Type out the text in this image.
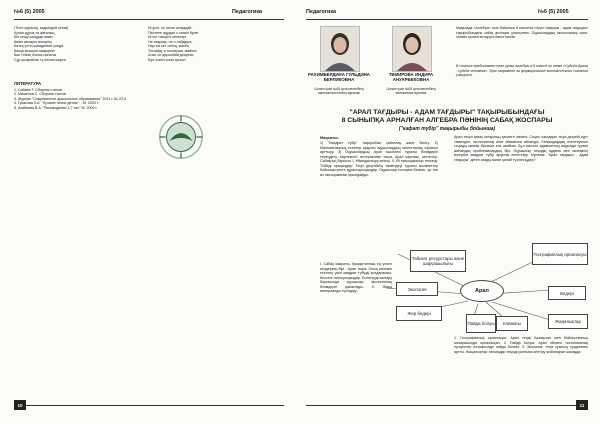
№6 (5) 2005	Педагогика
(Тілге қарасаң, кәдімгідей сенім)
Кұнан құрық та жағалың,
Біл кешу шыңдар аман,
Аман ағызқол өлеңінің
Бөтеқ үстін шамдалған қолда
Басқа ысысын шақырып
Бас тілінің болса сыналы
Сұр шықпайлы ту кесем жырға
Иі ұсіл, ол халге келуадай
Пісілене жұрдан с канал бунеі
Иі іне тасыртт келетері
Не шаужар, не о сабдауга,
Нар есі кет сеінің, жакба,
Тоспайд, я тоспауша, майнез
Алас ол дарсыбай деареісі,
Бұл оскен соны қызыл
ЛИТЕРАТУРА
1. Сабаев Т. Сборник стихов
2. Мишелов С. Сборник стихов
3. Журнал "Современное дошкольное образование" 2011 г. № 23.4
4. Гукасова З.А. "Лучшие песни детям". - М, 2003 г.
5. Ахабаева В.А. "Ясновидение 3-7 лет" М. 2009 г.
10
Педагогика	№6 (5) 2005
РАХИМБЕРДИНА ГУЛЬДИНА БЕРЛИКОВНА
Сынып үшін №08 орта мектебінің математика пәнінің мұғалімі
ТЕМИРОВА ИНДИРА АНУАРБЕКОВНА
Сынып үшін №08 орта мектебінің математика мұғалімі
Мақалада «Алгебра» пәні бойынша 8 сыныпта «Арал тағдыры - адам тағдыры» тақырыбындағы сабақ жоспары ұсынылған. Оқушылардың экологиялық сана-сезімін қалыптастыруға бағытталған.
В статье представлен план урока алгебры в 8 классе по теме «Судьба Арала - судьба человека». Урок направлен на формирование экологического сознания учащихся.
"АРАЛ ТАҒДЫРЫ - АДАМ ТАҒДЫРЫ" ТАҚЫРЫБЫНДАҒЫ
8 СЫНЫПҚА АРНАЛҒАН АЛГЕБРА ПӘНІНІҢ САБАҚ ЖОСПАРЫ
("кафат түбір" тақырыбы бойынша)
Мақсаты:
1) "Квадрат түбір" тақырыбын қайталау және бекіту. 2) Математикалық есептер арқылы оқушылардың экологиялық сауатын арттыру. 3) Оқушылардың Арал мәселесі туралы білімдерін тереңдету. Көрнекілігі: интерактивті тақта, Арал картасы, кестелер. Сабақтың барысы: І. Ұйымдастыру кезеңі. ІІ. Үй тапсырмасын тексеру. Тізбеді ораңыздар: Теңіз деңгейінің төмендеуі туралы мәліметтер бойынша кесте құрастырыңыздар. Оқушылар топтарға бөлініп, әр топ өз тапсырмасын орындайды.
Арал теңізі қазақ халқының қасиетті мекені. Соңғы жылдары теңіз деңгейі күрт төмендеп, экологиялық апат аймағына айналды. Ғалымдардың есептеуінше теңіздің көлемі бірнеше есе азайған. Бұл мәселе адамзаттың алдында тұрған жаһандық проблемалардың бірі. Оқушылар теңіздің ауданы мен көлемінің өзгерісін квадрат түбір арқылы есептейді. Мұғалім: "Арал тағдыры - адам тағдыры" деген сөздің мәнін қалай түсінесіңдер?
Табиғат ресурстары және шаруашылығы
Географиялық орналасуы
Экология
Бедері
Жер бедері
Пайда болуы	Климаты	Жаңалықтар
Арал
І. Сабақ мақсаты. Қазақстанның ең үлкен көлдерінің бірі - Арал теңізі. Оның көлемін есептеу үшін квадрат түбірді қолданамыз. Кестені толтырыңыздар. Есептерді шығару барысында оқушылар экологиялық білімдерін дамытады. ІІ. Жаңа материалды түсіндіру.
1. Географиялық орналасуы: Арал теңізі Қазақстан мен Өзбекстанның шекарасында орналасқан. 2. Пайда болуы: Арал ойпаты тектоникалық процестер нәтижесінде пайда болған. 3. Экология: теңіз суының тұздылығы артты. Жаңалықтар: ғалымдар теңізді қалпына келтіру жобаларын жасауда.
11
